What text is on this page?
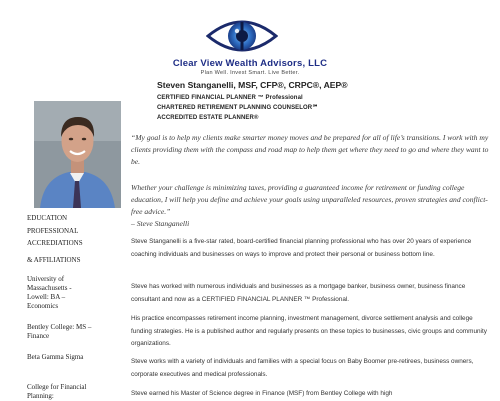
Clear View Wealth Advisors, LLC
Plan Well. Invest Smart. Live Better.
Steven Stanganelli, MSF, CFP®, CRPC®, AEP®
CERTIFIED FINANCIAL PLANNER ™ Professional
CHARTERED RETIREMENT PLANNING COUNSELOR℠
ACCREDITED ESTATE PLANNER®
EDUCATION
PROFESSIONAL
ACCREDIATIONS
& AFFILIATIONS
University of Massachusetts - Lowell: BA – Economics
Bentley College: MS – Finance
Beta Gamma Sigma
College for Financial Planning:

“My goal is to help my clients make smarter money moves and be prepared for all of life’s transitions. I work with my clients providing them with the compass and road map to help them get where they need to go and where they want to be.

Whether your challenge is minimizing taxes, providing a guaranteed income for retirement or funding college education, I will help you define and achieve your goals using unparalleled resources, proven strategies and conflict-free advice.”

– Steve Stanganelli

Steve Stanganelli is a five-star rated, board-certified financial planning professional who has over 20 years of experience coaching individuals and businesses on ways to improve and protect their personal or business bottom line.

Steve has worked with numerous individuals and businesses as a mortgage banker, business owner, business finance consultant and now as a CERTIFIED FINANCIAL PLANNER ™ Professional.

His practice encompasses retirement income planning, investment management, divorce settlement analysis and college funding strategies. He is a published author and regularly presents on these topics to businesses, civic groups and community organizations.

Steve works with a variety of individuals and families with a special focus on Baby Boomer pre-retirees, business owners, corporate executives and medical professionals.

Steve earned his Master of Science degree in Finance (MSF) from Bentley College with high
